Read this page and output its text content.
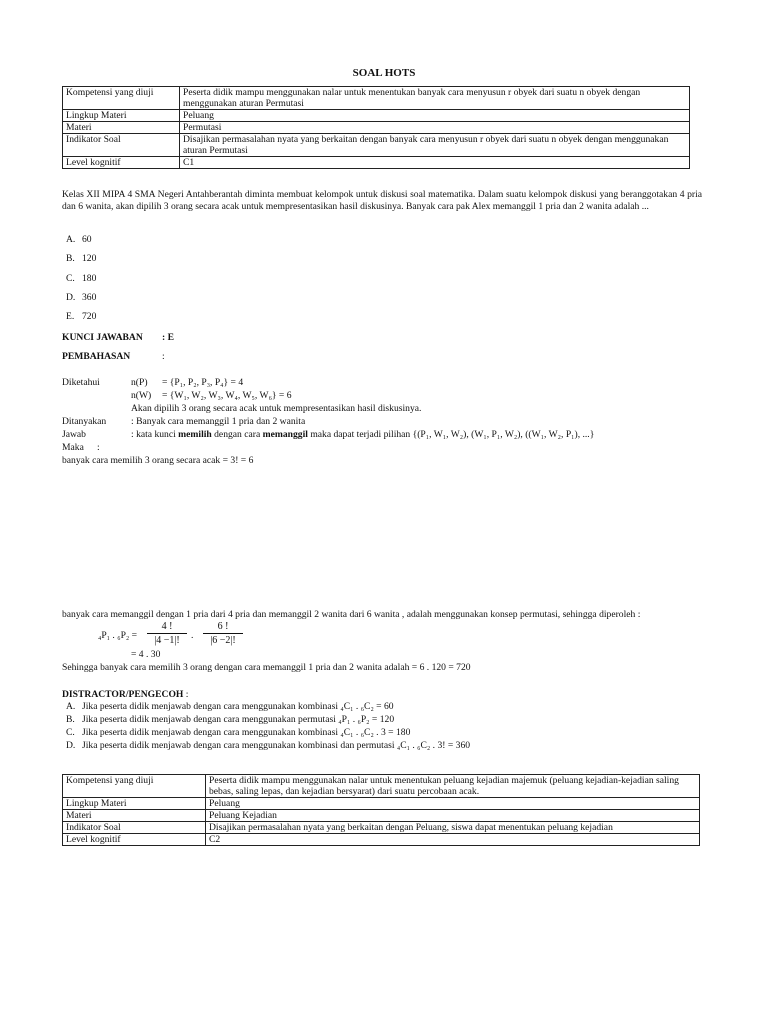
SOAL HOTS
Kompetensi yang diuji	Peserta didik mampu menggunakan nalar untuk menentukan banyak cara menyusun r obyek dari suatu n obyek dengan menggunakan aturan Permutasi
Lingkup Materi	Peluang
Materi	Permutasi
Indikator Soal	Disajikan permasalahan nyata yang berkaitan dengan banyak cara menyusun r obyek dari suatu n obyek dengan menggunakan aturan Permutasi
Level kognitif	C1
Kelas XII MIPA 4 SMA Negeri Antahberantah diminta membuat kelompok untuk diskusi soal matematika. Dalam suatu kelompok diskusi yang beranggotakan 4 pria dan 6 wanita, akan dipilih 3 orang secara acak untuk mempresentasikan hasil diskusinya. Banyak cara pak Alex memanggil 1 pria dan 2 wanita adalah ...
A. 60
B. 120
C. 180
D. 360
E. 720
KUNCI JAWABAN : E
PEMBAHASAN	:
Diketahui	n(P) = {P₁, P₂, P₃, P₄} = 4
n(W) = {W₁, W₂, W₃, W₄, W₅, W₆} = 6
Akan dipilih 3 orang secara acak untuk mempresentasikan hasil diskusinya.
Ditanyakan	: Banyak cara memanggil 1 pria dan 2 wanita
Jawab	: kata kunci memilih dengan cara memanggil maka dapat terjadi pilihan {(P₁, W₁, W₂), (W₁, P₁, W₂), ((W₁, W₂, P₁), ...}
Maka :
banyak cara memilih 3 orang secara acak = 3! = 6
banyak cara memanggil dengan 1 pria dari 4 pria dan memanggil 2 wanita dari 6 wanita , adalah menggunakan konsep permutasi, sehingga diperoleh :
₄P₁ . $_6P_2 = \frac{4 !}{|4 -1|!}$ . $\frac{6 !}{|6 -2|!}$
= 4 . 30
Sehingga banyak cara memilih 3 orang dengan cara memanggil 1 pria dan 2 wanita adalah = 6 . 120 = 720
DISTRACTOR/PENGECOH :
A. Jika peserta didik menjawab dengan cara menggunakan kombinasi ₄C₁ . ₆C₂ = 60
B. Jika peserta didik menjawab dengan cara menggunakan permutasi ₄P₁ . ₆P₂ = 120
C. Jika peserta didik menjawab dengan cara menggunakan kombinasi ₄C₁ . ₆C₂ . 3 = 180
D. Jika peserta didik menjawab dengan cara menggunakan kombinasi dan permutasi ₄C₁ . ₆C₂ . 3! = 360
Kompetensi yang diuji	Peserta didik mampu menggunakan nalar untuk menentukan peluang kejadian majemuk (peluang kejadian-kejadian saling bebas, saling lepas, dan kejadian bersyarat) dari suatu percobaan acak.
Lingkup Materi	Peluang
Materi	Peluang Kejadian
Indikator Soal	Disajikan permasalahan nyata yang berkaitan dengan Peluang, siswa dapat menentukan peluang kejadian
Level kognitif	C2
